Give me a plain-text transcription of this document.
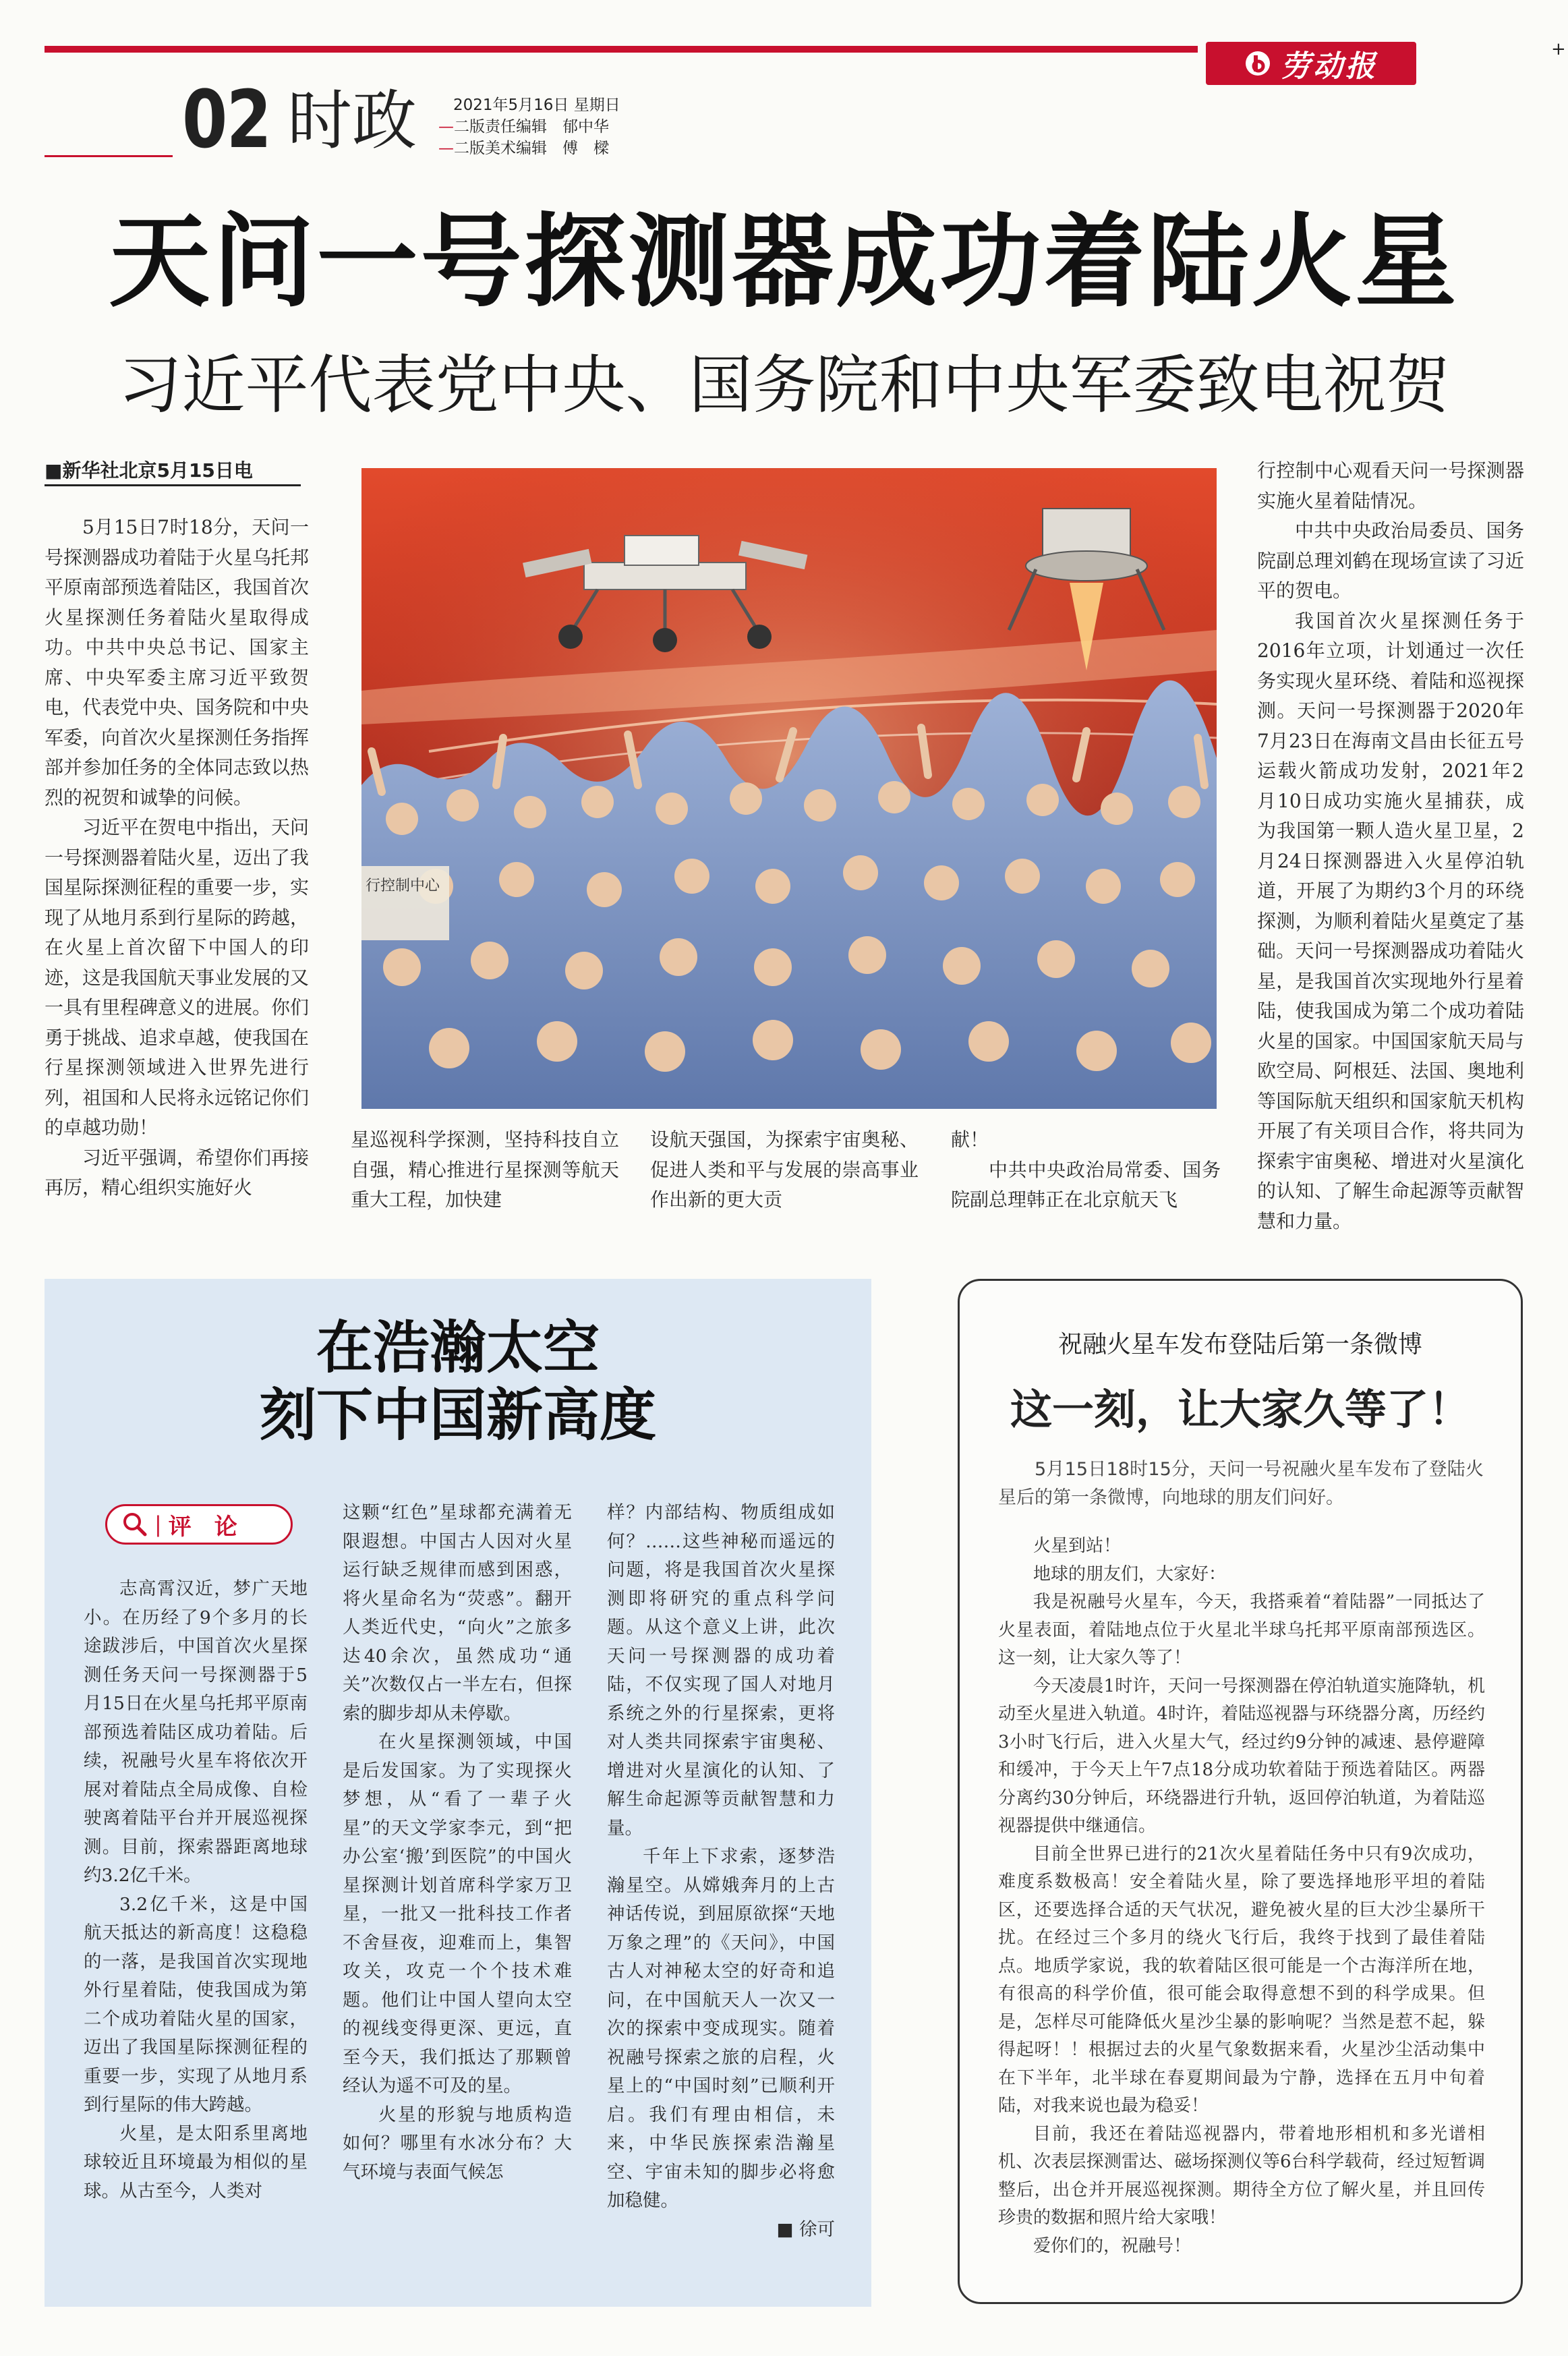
劳动报	+
02 时政	2021年5月16日 星期日
—二版责任编辑　郁中华
—二版美术编辑　傅　樑
天问一号探测器成功着陆火星
习近平代表党中央、国务院和中央军委致电祝贺
■新华社北京5月15日电

5月15日7时18分，天问一号探测器成功着陆于火星乌托邦平原南部预选着陆区，我国首次火星探测任务着陆火星取得成功。中共中央总书记、国家主席、中央军委主席习近平致贺电，代表党中央、国务院和中央军委，向首次火星探测任务指挥部并参加任务的全体同志致以热烈的祝贺和诚挚的问候。

习近平在贺电中指出，天问一号探测器着陆火星，迈出了我国星际探测征程的重要一步，实现了从地月系到行星际的跨越，在火星上首次留下中国人的印迹，这是我国航天事业发展的又一具有里程碑意义的进展。你们勇于挑战、追求卓越，使我国在行星探测领域进入世界先进行列，祖国和人民将永远铭记你们的卓越功勋！

习近平强调，希望你们再接再厉，精心组织实施好火

行控制中心

星巡视科学探测，坚持科技自立自强，精心推进行星探测等航天重大工程，加快建

设航天强国，为探索宇宙奥秘、促进人类和平与发展的崇高事业作出新的更大贡

献！

中共中央政治局常委、国务院副总理韩正在北京航天飞

行控制中心观看天问一号探测器实施火星着陆情况。

中共中央政治局委员、国务院副总理刘鹤在现场宣读了习近平的贺电。

我国首次火星探测任务于2016年立项，计划通过一次任务实现火星环绕、着陆和巡视探测。天问一号探测器于2020年7月23日在海南文昌由长征五号运载火箭成功发射，2021年2月10日成功实施火星捕获，成为我国第一颗人造火星卫星，2月24日探测器进入火星停泊轨道，开展了为期约3个月的环绕探测，为顺利着陆火星奠定了基础。天问一号探测器成功着陆火星，是我国首次实现地外行星着陆，使我国成为第二个成功着陆火星的国家。中国国家航天局与欧空局、阿根廷、法国、奥地利等国际航天组织和国家航天机构开展了有关项目合作，将共同为探索宇宙奥秘、增进对火星演化的认知、了解生命起源等贡献智慧和力量。

在浩瀚太空
刻下中国新高度
| 评　论

志高霄汉近，梦广天地小。在历经了9个多月的长途跋涉后，中国首次火星探测任务天问一号探测器于5月15日在火星乌托邦平原南部预选着陆区成功着陆。后续，祝融号火星车将依次开展对着陆点全局成像、自检驶离着陆平台并开展巡视探测。目前，探索器距离地球约3.2亿千米。

3.2亿千米，这是中国航天抵达的新高度！这稳稳的一落，是我国首次实现地外行星着陆，使我国成为第二个成功着陆火星的国家，迈出了我国星际探测征程的重要一步，实现了从地月系到行星际的伟大跨越。

火星，是太阳系里离地球较近且环境最为相似的星球。从古至今，人类对

这颗“红色”星球都充满着无限遐想。中国古人因对火星运行缺乏规律而感到困惑，将火星命名为“荧惑”。翻开人类近代史，“向火”之旅多达40余次，虽然成功“通关”次数仅占一半左右，但探索的脚步却从未停歇。

在火星探测领域，中国是后发国家。为了实现探火梦想，从“看了一辈子火星”的天文学家李元，到“把办公室‘搬’到医院”的中国火星探测计划首席科学家万卫星，一批又一批科技工作者不舍昼夜，迎难而上，集智攻关，攻克一个个技术难题。他们让中国人望向太空的视线变得更深、更远，直至今天，我们抵达了那颗曾经认为遥不可及的星。

火星的形貌与地质构造如何？哪里有水冰分布？大气环境与表面气候怎

样？内部结构、物质组成如何？……这些神秘而遥远的问题，将是我国首次火星探测即将研究的重点科学问题。从这个意义上讲，此次天问一号探测器的成功着陆，不仅实现了国人对地月系统之外的行星探索，更将对人类共同探索宇宙奥秘、增进对火星演化的认知、了解生命起源等贡献智慧和力量。

千年上下求索，逐梦浩瀚星空。从嫦娥奔月的上古神话传说，到屈原欲探“天地万象之理”的《天问》，中国古人对神秘太空的好奇和追问，在中国航天人一次又一次的探索中变成现实。随着祝融号探索之旅的启程，火星上的“中国时刻”已顺利开启。我们有理由相信，未来，中华民族探索浩瀚星空、宇宙未知的脚步必将愈加稳健。

■ 徐可

祝融火星车发布登陆后第一条微博
这一刻，让大家久等了！
5月15日18时15分，天问一号祝融火星车发布了登陆火星后的第一条微博，向地球的朋友们问好。

火星到站！

地球的朋友们，大家好：

我是祝融号火星车，今天，我搭乘着“着陆器”一同抵达了火星表面，着陆地点位于火星北半球乌托邦平原南部预选区。这一刻，让大家久等了！

今天凌晨1时许，天问一号探测器在停泊轨道实施降轨，机动至火星进入轨道。4时许，着陆巡视器与环绕器分离，历经约3小时飞行后，进入火星大气，经过约9分钟的减速、悬停避障和缓冲，于今天上午7点18分成功软着陆于预选着陆区。两器分离约30分钟后，环绕器进行升轨，返回停泊轨道，为着陆巡视器提供中继通信。

目前全世界已进行的21次火星着陆任务中只有9次成功，难度系数极高！安全着陆火星，除了要选择地形平坦的着陆区，还要选择合适的天气状况，避免被火星的巨大沙尘暴所干扰。在经过三个多月的绕火飞行后，我终于找到了最佳着陆点。地质学家说，我的软着陆区很可能是一个古海洋所在地，有很高的科学价值，很可能会取得意想不到的科学成果。但是，怎样尽可能降低火星沙尘暴的影响呢？当然是惹不起，躲得起呀！！根据过去的火星气象数据来看，火星沙尘活动集中在下半年，北半球在春夏期间最为宁静，选择在五月中旬着陆，对我来说也最为稳妥！

目前，我还在着陆巡视器内，带着地形相机和多光谱相机、次表层探测雷达、磁场探测仪等6台科学载荷，经过短暂调整后，出仓并开展巡视探测。期待全方位了解火星，并且回传珍贵的数据和照片给大家哦！

爱你们的，祝融号！
